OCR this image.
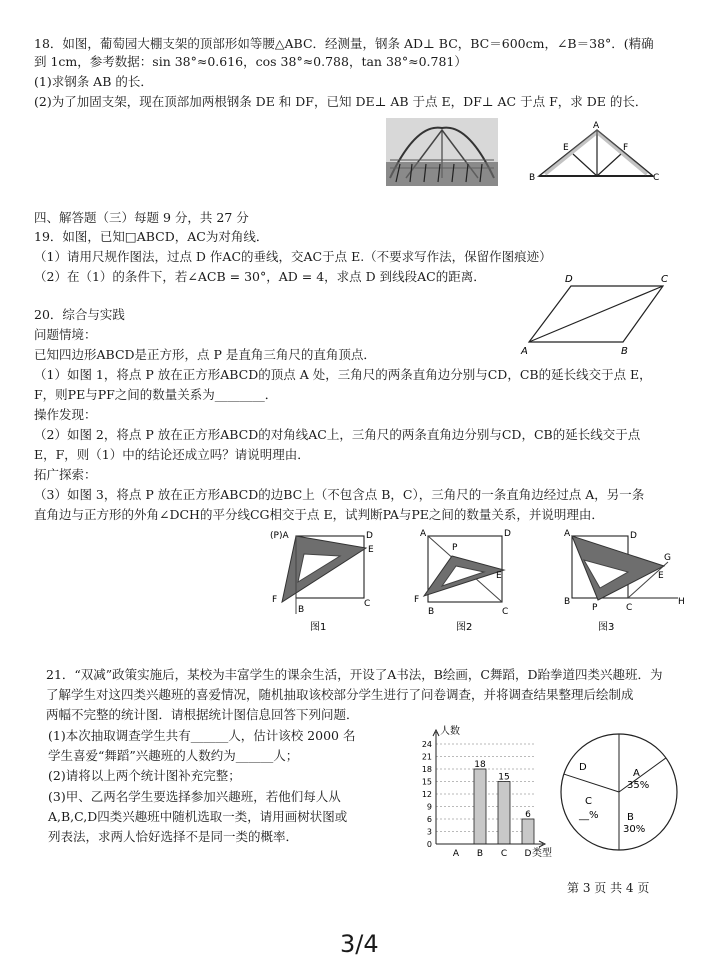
18．如图，葡萄园大棚支架的顶部形如等腰△ABC．经测量，钢条 AD⊥ BC，BC＝600cm，∠B＝38°．(精确
到 1cm，参考数据：sin 38°≈0.616，cos 38°≈0.788，tan 38°≈0.781）
(1)求钢条 AB 的长．
(2)为了加固支架，现在顶部加两根钢条 DE 和 DF，已知 DE⊥ AB 于点 E，DF⊥ AC 于点 F，求 DE 的长．
A
B	C
E	F
四、解答题（三）每题 9 分，共 27 分
19．如图，已知□ABCD，AC为对角线．
（1）请用尺规作图法，过点 D 作AC的垂线，交AC于点 E.（不要求写作法，保留作图痕迹）
（2）在（1）的条件下，若∠ACB = 30°，AD = 4，求点 D 到线段AC的距离．	D	C
A	B
20．综合与实践
问题情境：
已知四边形ABCD是正方形，点 P 是直角三角尺的直角顶点．
（1）如图 1，将点 P 放在正方形ABCD的顶点 A 处，三角尺的两条直角边分别与CD，CB的延长线交于点 E，
F，则PE与PF之间的数量关系为________．
操作发现：
（2）如图 2，将点 P 放在正方形ABCD的对角线AC上，三角尺的两条直角边分别与CD，CB的延长线交于点
E，F，则（1）中的结论还成立吗？请说明理由．
拓广探索：
（3）如图 3，将点 P 放在正方形ABCD的边BC上（不包含点 B，C），三角尺的一条直角边经过点 A，另一条
直角边与正方形的外角∠DCH的平分线CG相交于点 E，试判断PA与PE之间的数量关系，并说明理由．
(P)A	D
E
F
B
C
图1
A	D
P
E
F
B	C
图2
A	D
G
E
B
P	C
H
图3
21．“双减”政策实施后，某校为丰富学生的课余生活，开设了A书法，B绘画，C舞蹈，D跆拳道四类兴趣班．为
了解学生对这四类兴趣班的喜爱情况，随机抽取该校部分学生进行了问卷调查，并将调查结果整理后绘制成
两幅不完整的统计图．请根据统计图信息回答下列问题．
(1)本次抽取调查学生共有______人，估计该校 2000 名
学生喜爱“舞蹈”兴趣班的人数约为______人；
(2)请将以上两个统计图补充完整；
(3)甲、乙两名学生要选择参加兴趣班，若他们每人从
A,B,C,D四类兴趣班中随机选取一类，请用画树状图或
列表法，求两人恰好选择不是同一类的概率．
0
3
6
9
12
15
18
21
24
18
15
6
A B C D
人数
类型
A
35%
B
30%
C
__%
D
第 3 页 共 4 页
3/4
